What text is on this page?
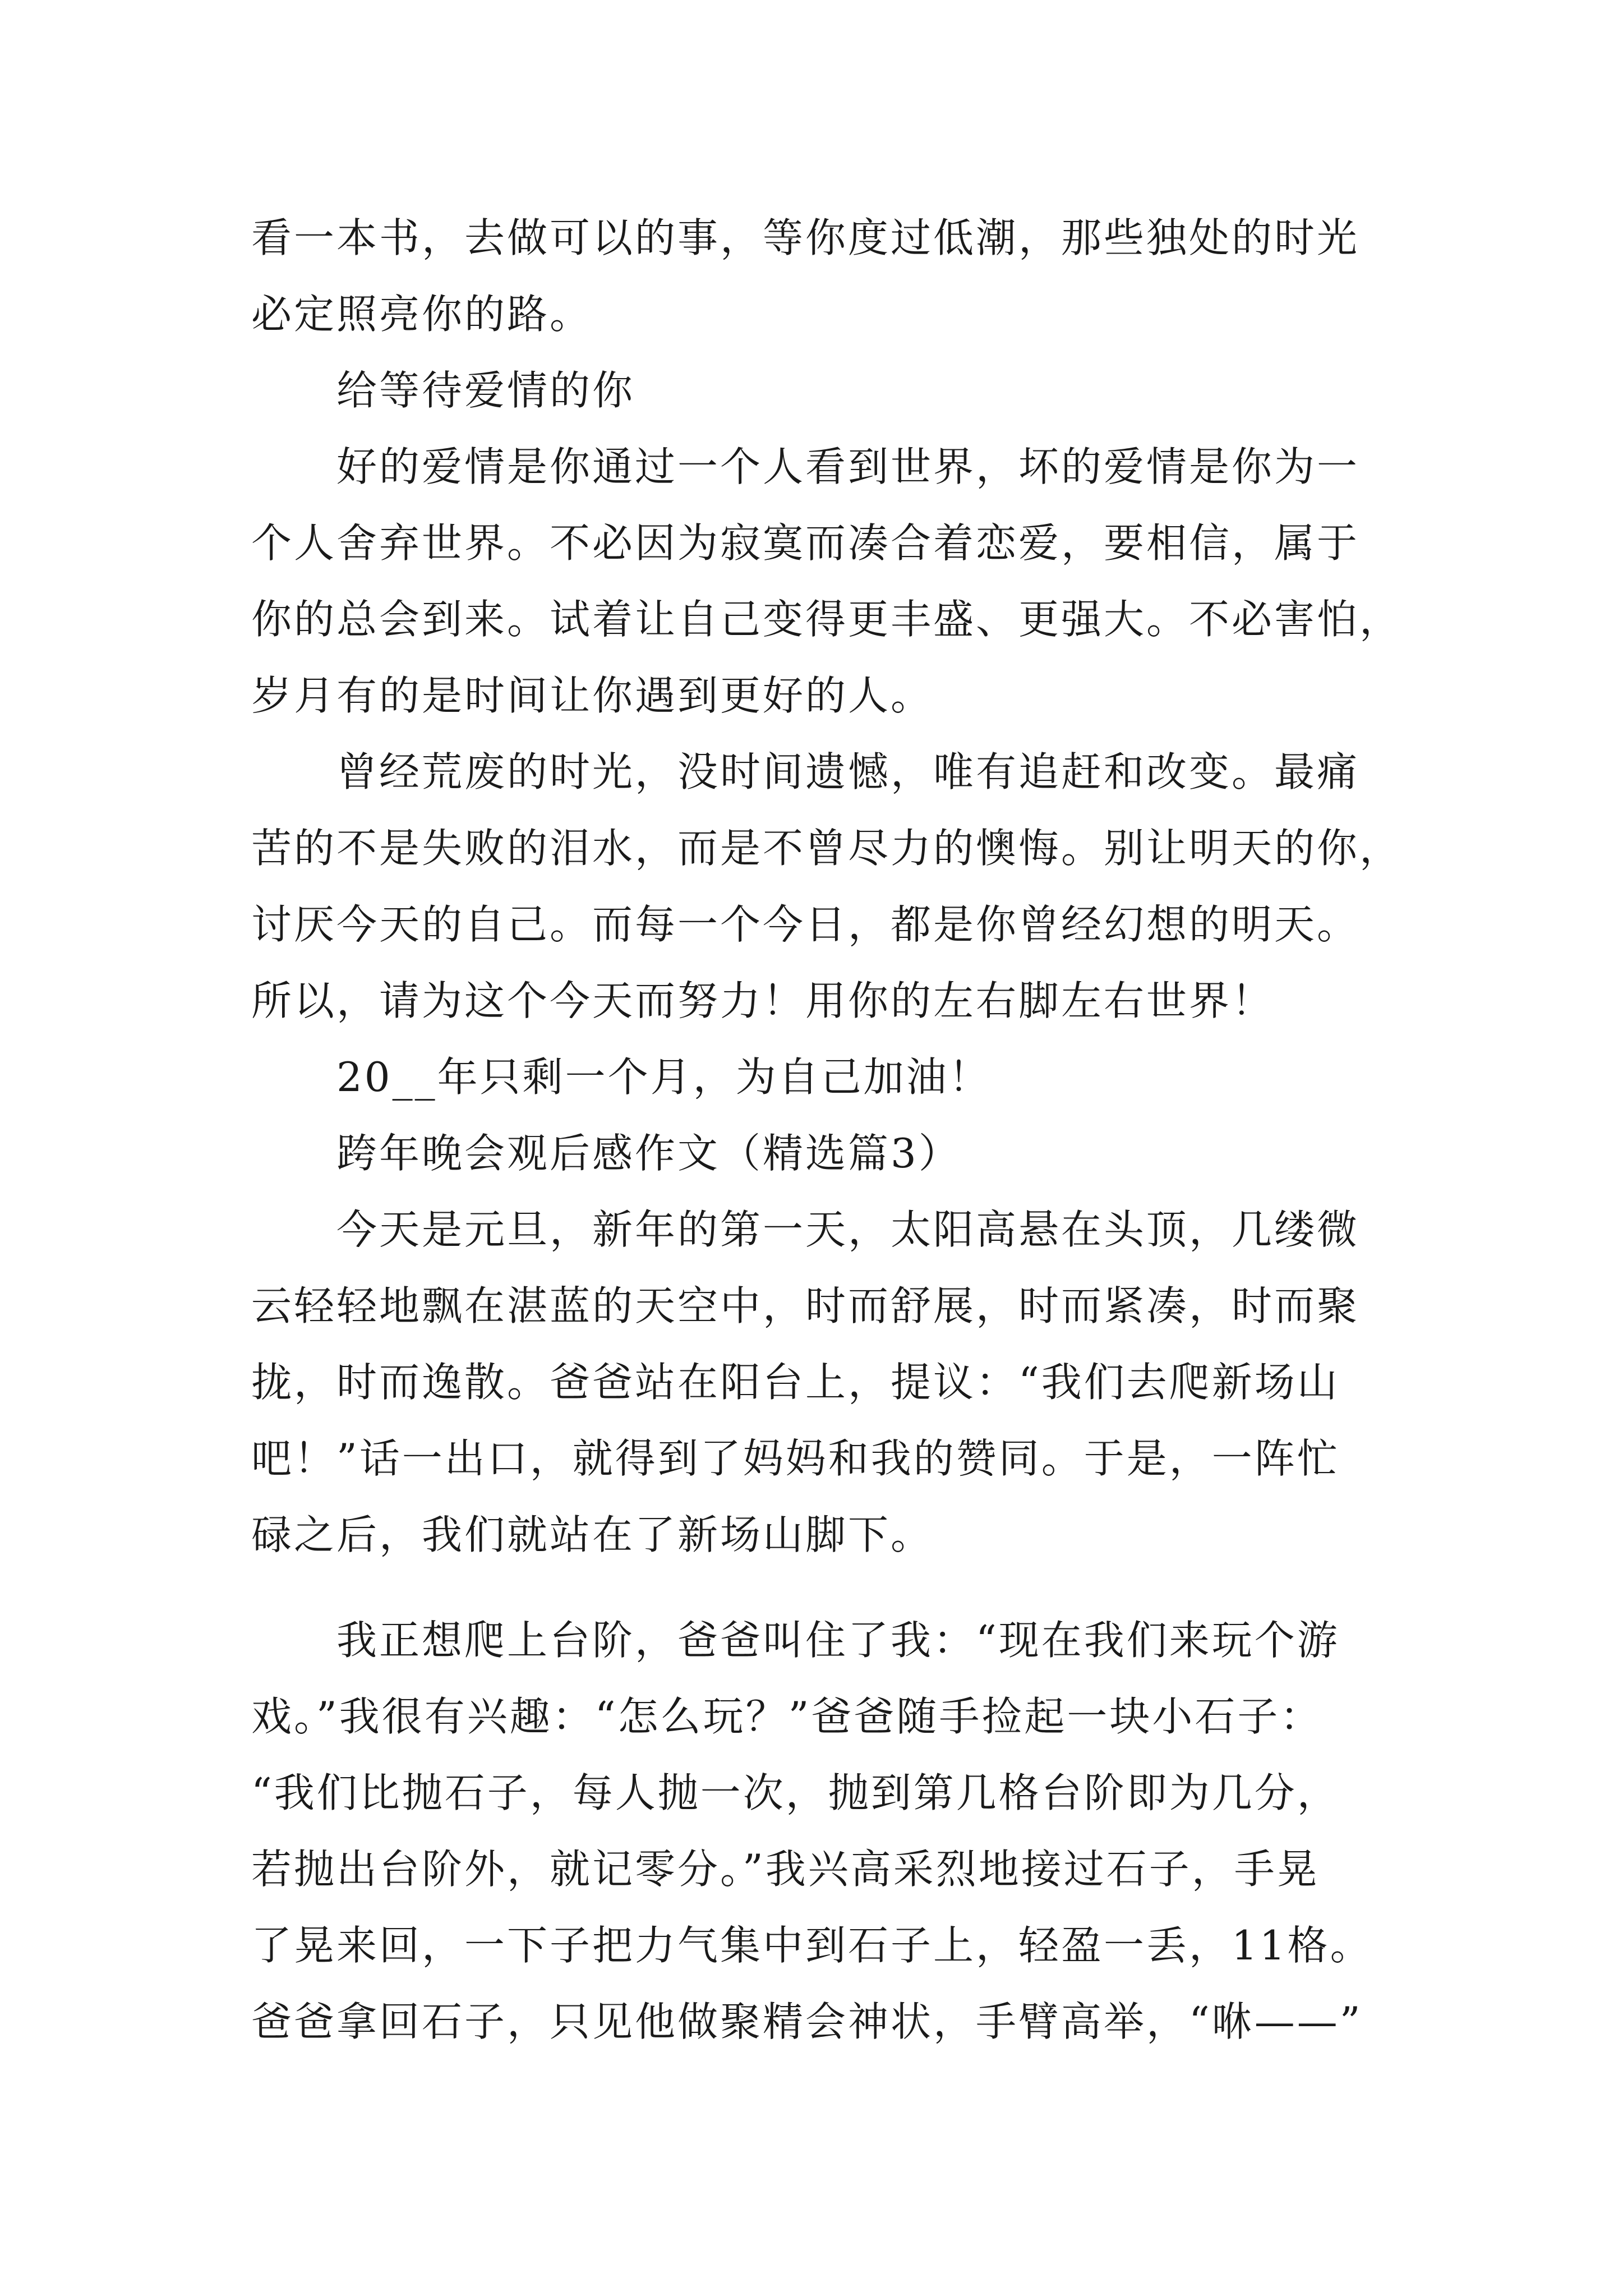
看一本书，去做可以的事，等你度过低潮，那些独处的时光
必定照亮你的路。
给等待爱情的你
好的爱情是你通过一个人看到世界，坏的爱情是你为一
个人舍弃世界。不必因为寂寞而凑合着恋爱，要相信，属于
你的总会到来。试着让自己变得更丰盛、更强大。不必害怕，
岁月有的是时间让你遇到更好的人。
曾经荒废的时光，没时间遗憾，唯有追赶和改变。最痛
苦的不是失败的泪水，而是不曾尽力的懊悔。别让明天的你，
讨厌今天的自己。而每一个今日，都是你曾经幻想的明天。
所以，请为这个今天而努力！用你的左右脚左右世界！
20__年只剩一个月，为自己加油！
跨年晚会观后感作文（精选篇3）
今天是元旦，新年的第一天，太阳高悬在头顶，几缕微
云轻轻地飘在湛蓝的天空中，时而舒展，时而紧凑，时而聚
拢，时而逸散。爸爸站在阳台上，提议：“我们去爬新场山
吧！”话一出口，就得到了妈妈和我的赞同。于是，一阵忙
碌之后，我们就站在了新场山脚下。
我正想爬上台阶，爸爸叫住了我：“现在我们来玩个游
戏。”我很有兴趣：“怎么玩？”爸爸随手捡起一块小石子：
“我们比抛石子，每人抛一次，抛到第几格台阶即为几分，
若抛出台阶外，就记零分。”我兴高采烈地接过石子，手晃
了晃来回，一下子把力气集中到石子上，轻盈一丢，11格。
爸爸拿回石子，只见他做聚精会神状，手臂高举，“咻——”
